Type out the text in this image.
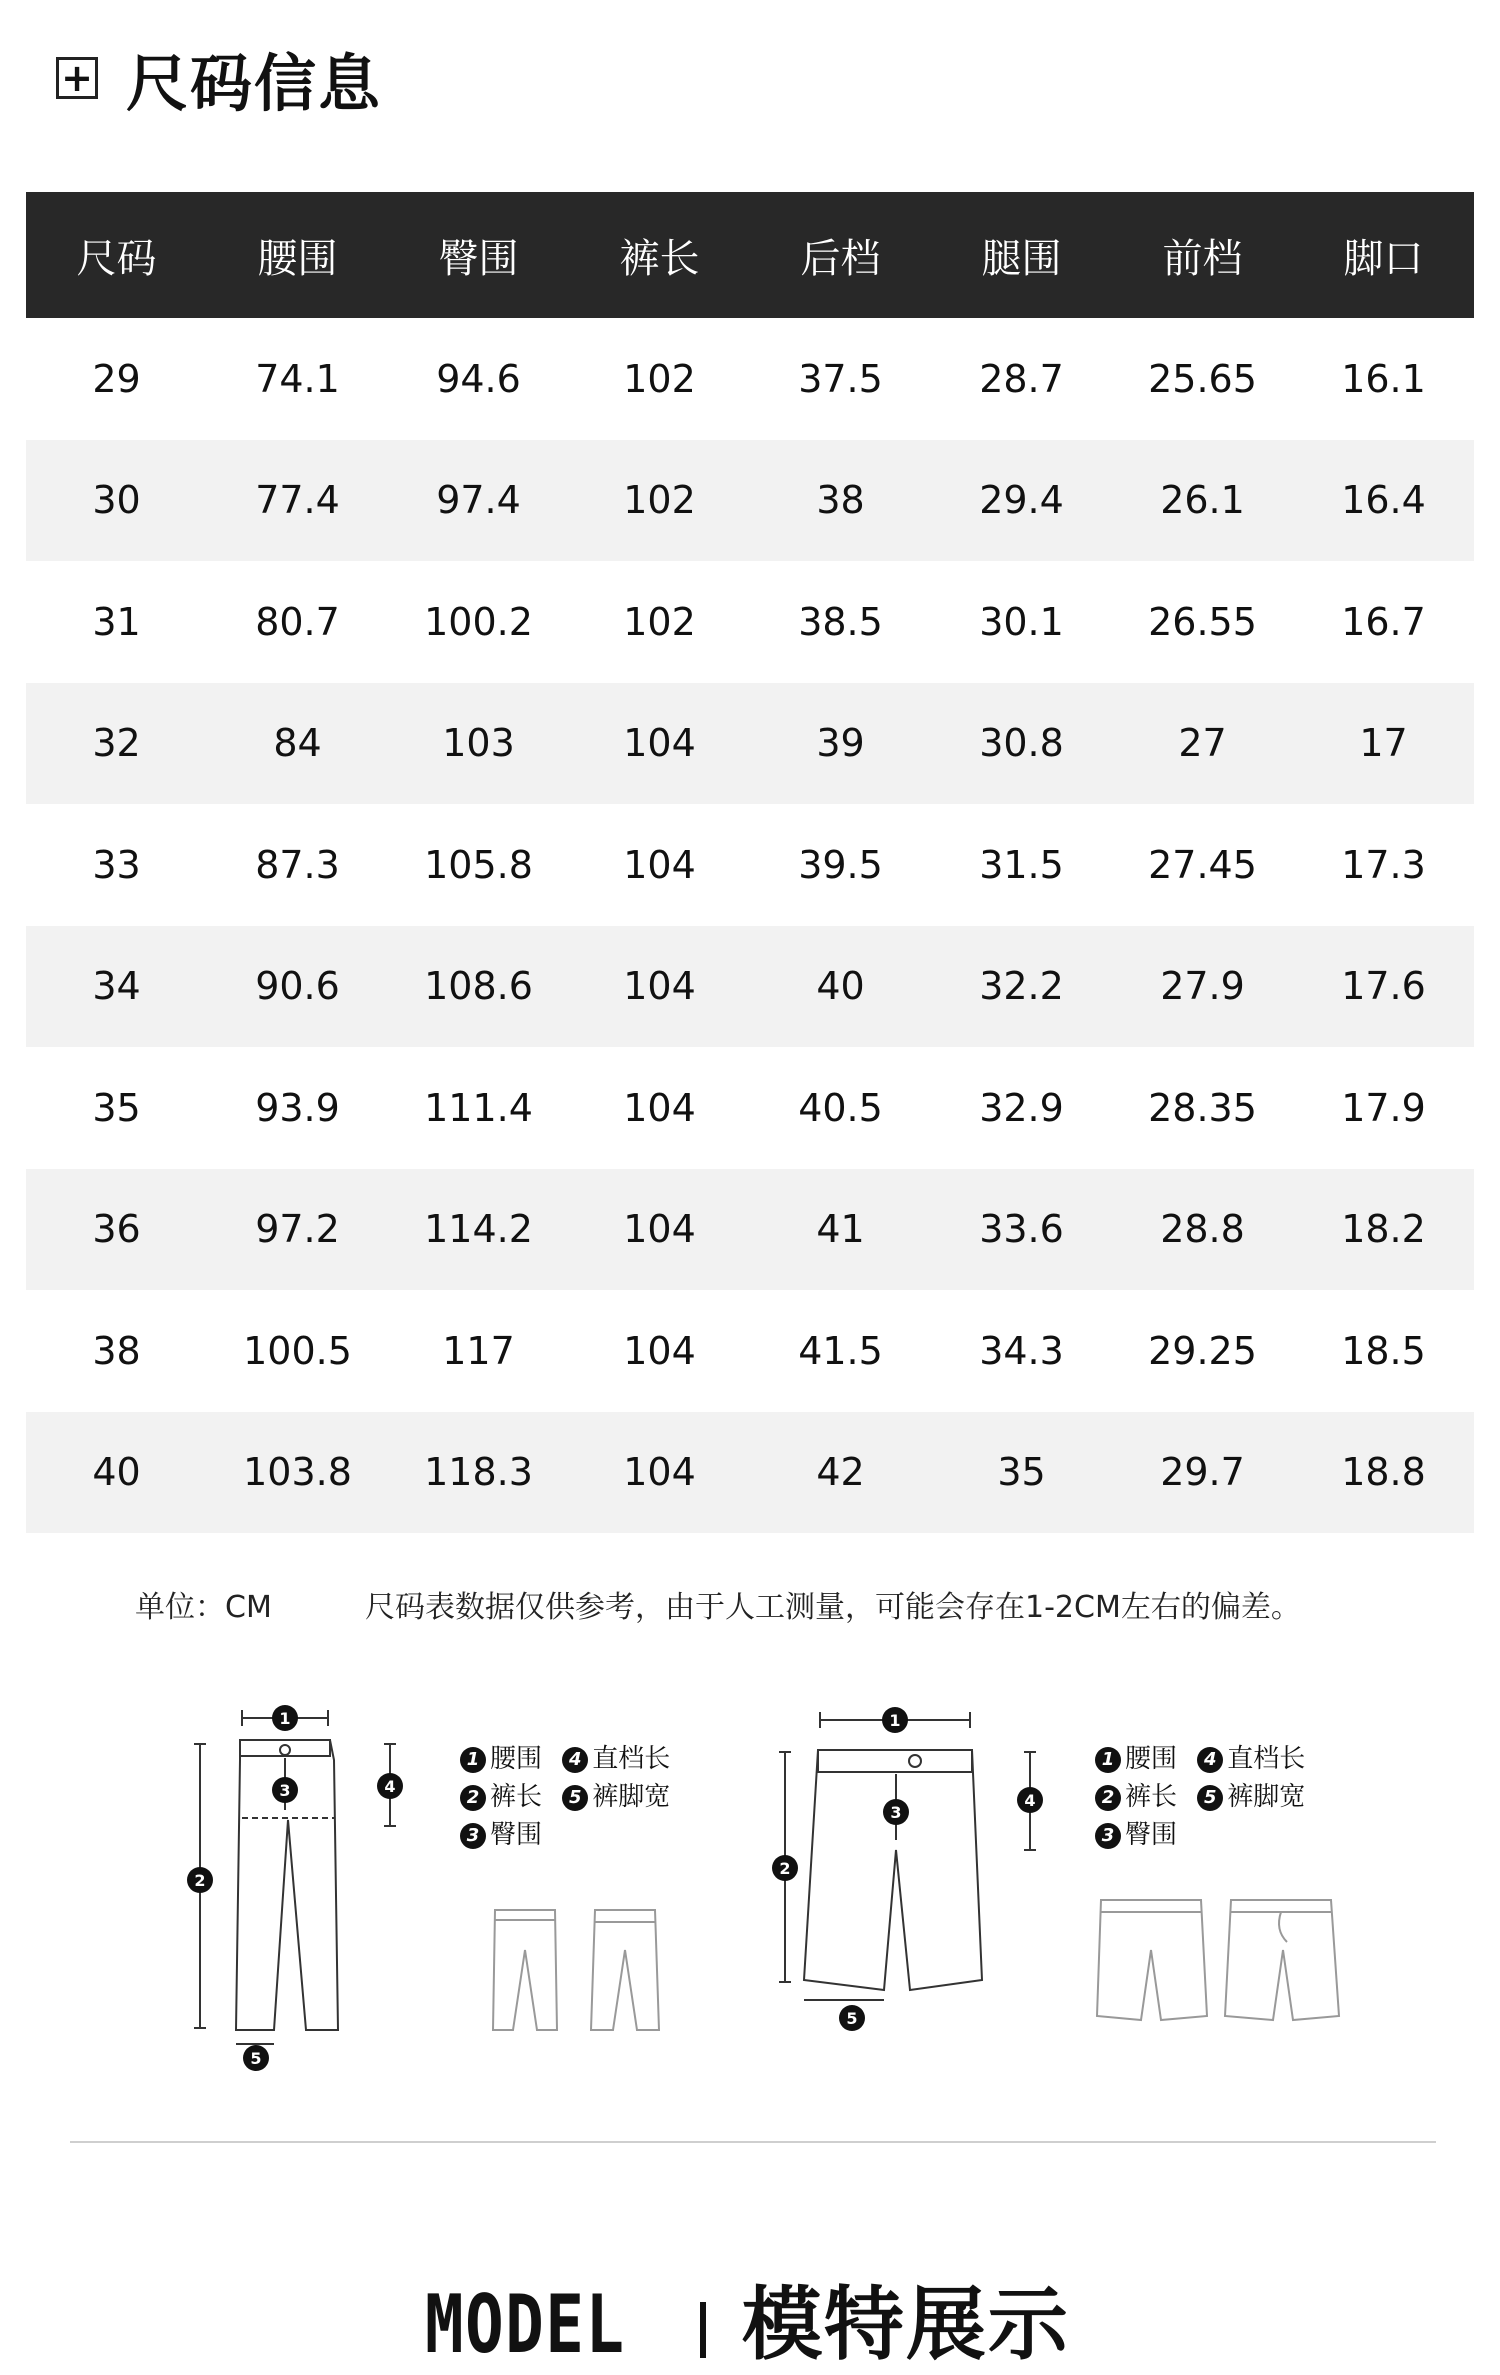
+ 尺码信息
尺码	腰围	臀围	裤长	后档	腿围	前档	脚口
29	74.1	94.6	102	37.5	28.7	25.65	16.1
30	77.4	97.4	102	38	29.4	26.1	16.4
31	80.7	100.2	102	38.5	30.1	26.55	16.7
32	84	103	104	39	30.8	27	17
33	87.3	105.8	104	39.5	31.5	27.45	17.3
34	90.6	108.6	104	40	32.2	27.9	17.6
35	93.9	111.4	104	40.5	32.9	28.35	17.9
36	97.2	114.2	104	41	33.6	28.8	18.2
38	100.5	117	104	41.5	34.3	29.25	18.5
40	103.8	118.3	104	42	35	29.7	18.8
单位：CM	尺码表数据仅供参考，由于人工测量，可能会存在1-2CM左右的偏差。
1
2
3	4
5
1 腰围 4 直档长
2 裤长 5 裤脚宽
3 臀围
1
2
3
4
5
1 腰围 4 直档长
2 裤长 5 裤脚宽
3 臀围
MODEL 模特展示
